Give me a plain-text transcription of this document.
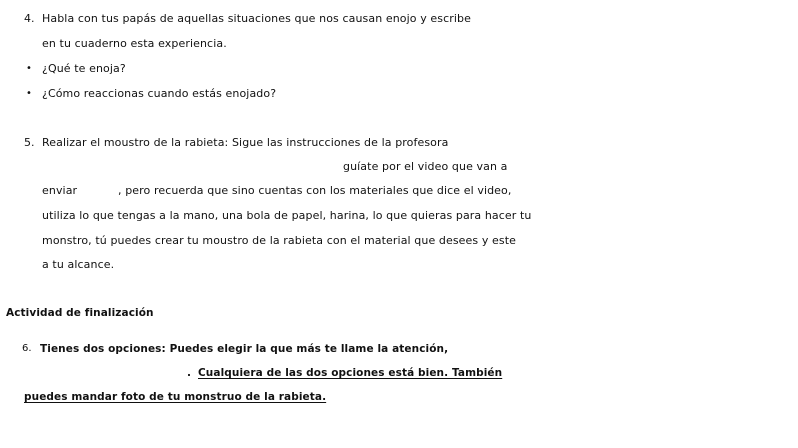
4. Habla con tus papás de aquellas situaciones que nos causan enojo y escribe
en tu cuaderno esta experiencia.
• ¿Qué te enoja?
• ¿Cómo reaccionas cuando estás enojado?
5. Realizar el moustro de la rabieta: Sigue las instrucciones de la profesora
guíate por el video que van a
enviar	, pero recuerda que sino cuentas con los materiales que dice el video,
utiliza lo que tengas a la mano, una bola de papel, harina, lo que quieras para hacer tu
monstro, tú puedes crear tu moustro de la rabieta con el material que desees y este
a tu alcance.
Actividad de finalización
6. Tienes dos opciones: Puedes elegir la que más te llame la atención,
. Cualquiera de las dos opciones está bien. También
puedes mandar foto de tu monstruo de la rabieta.
